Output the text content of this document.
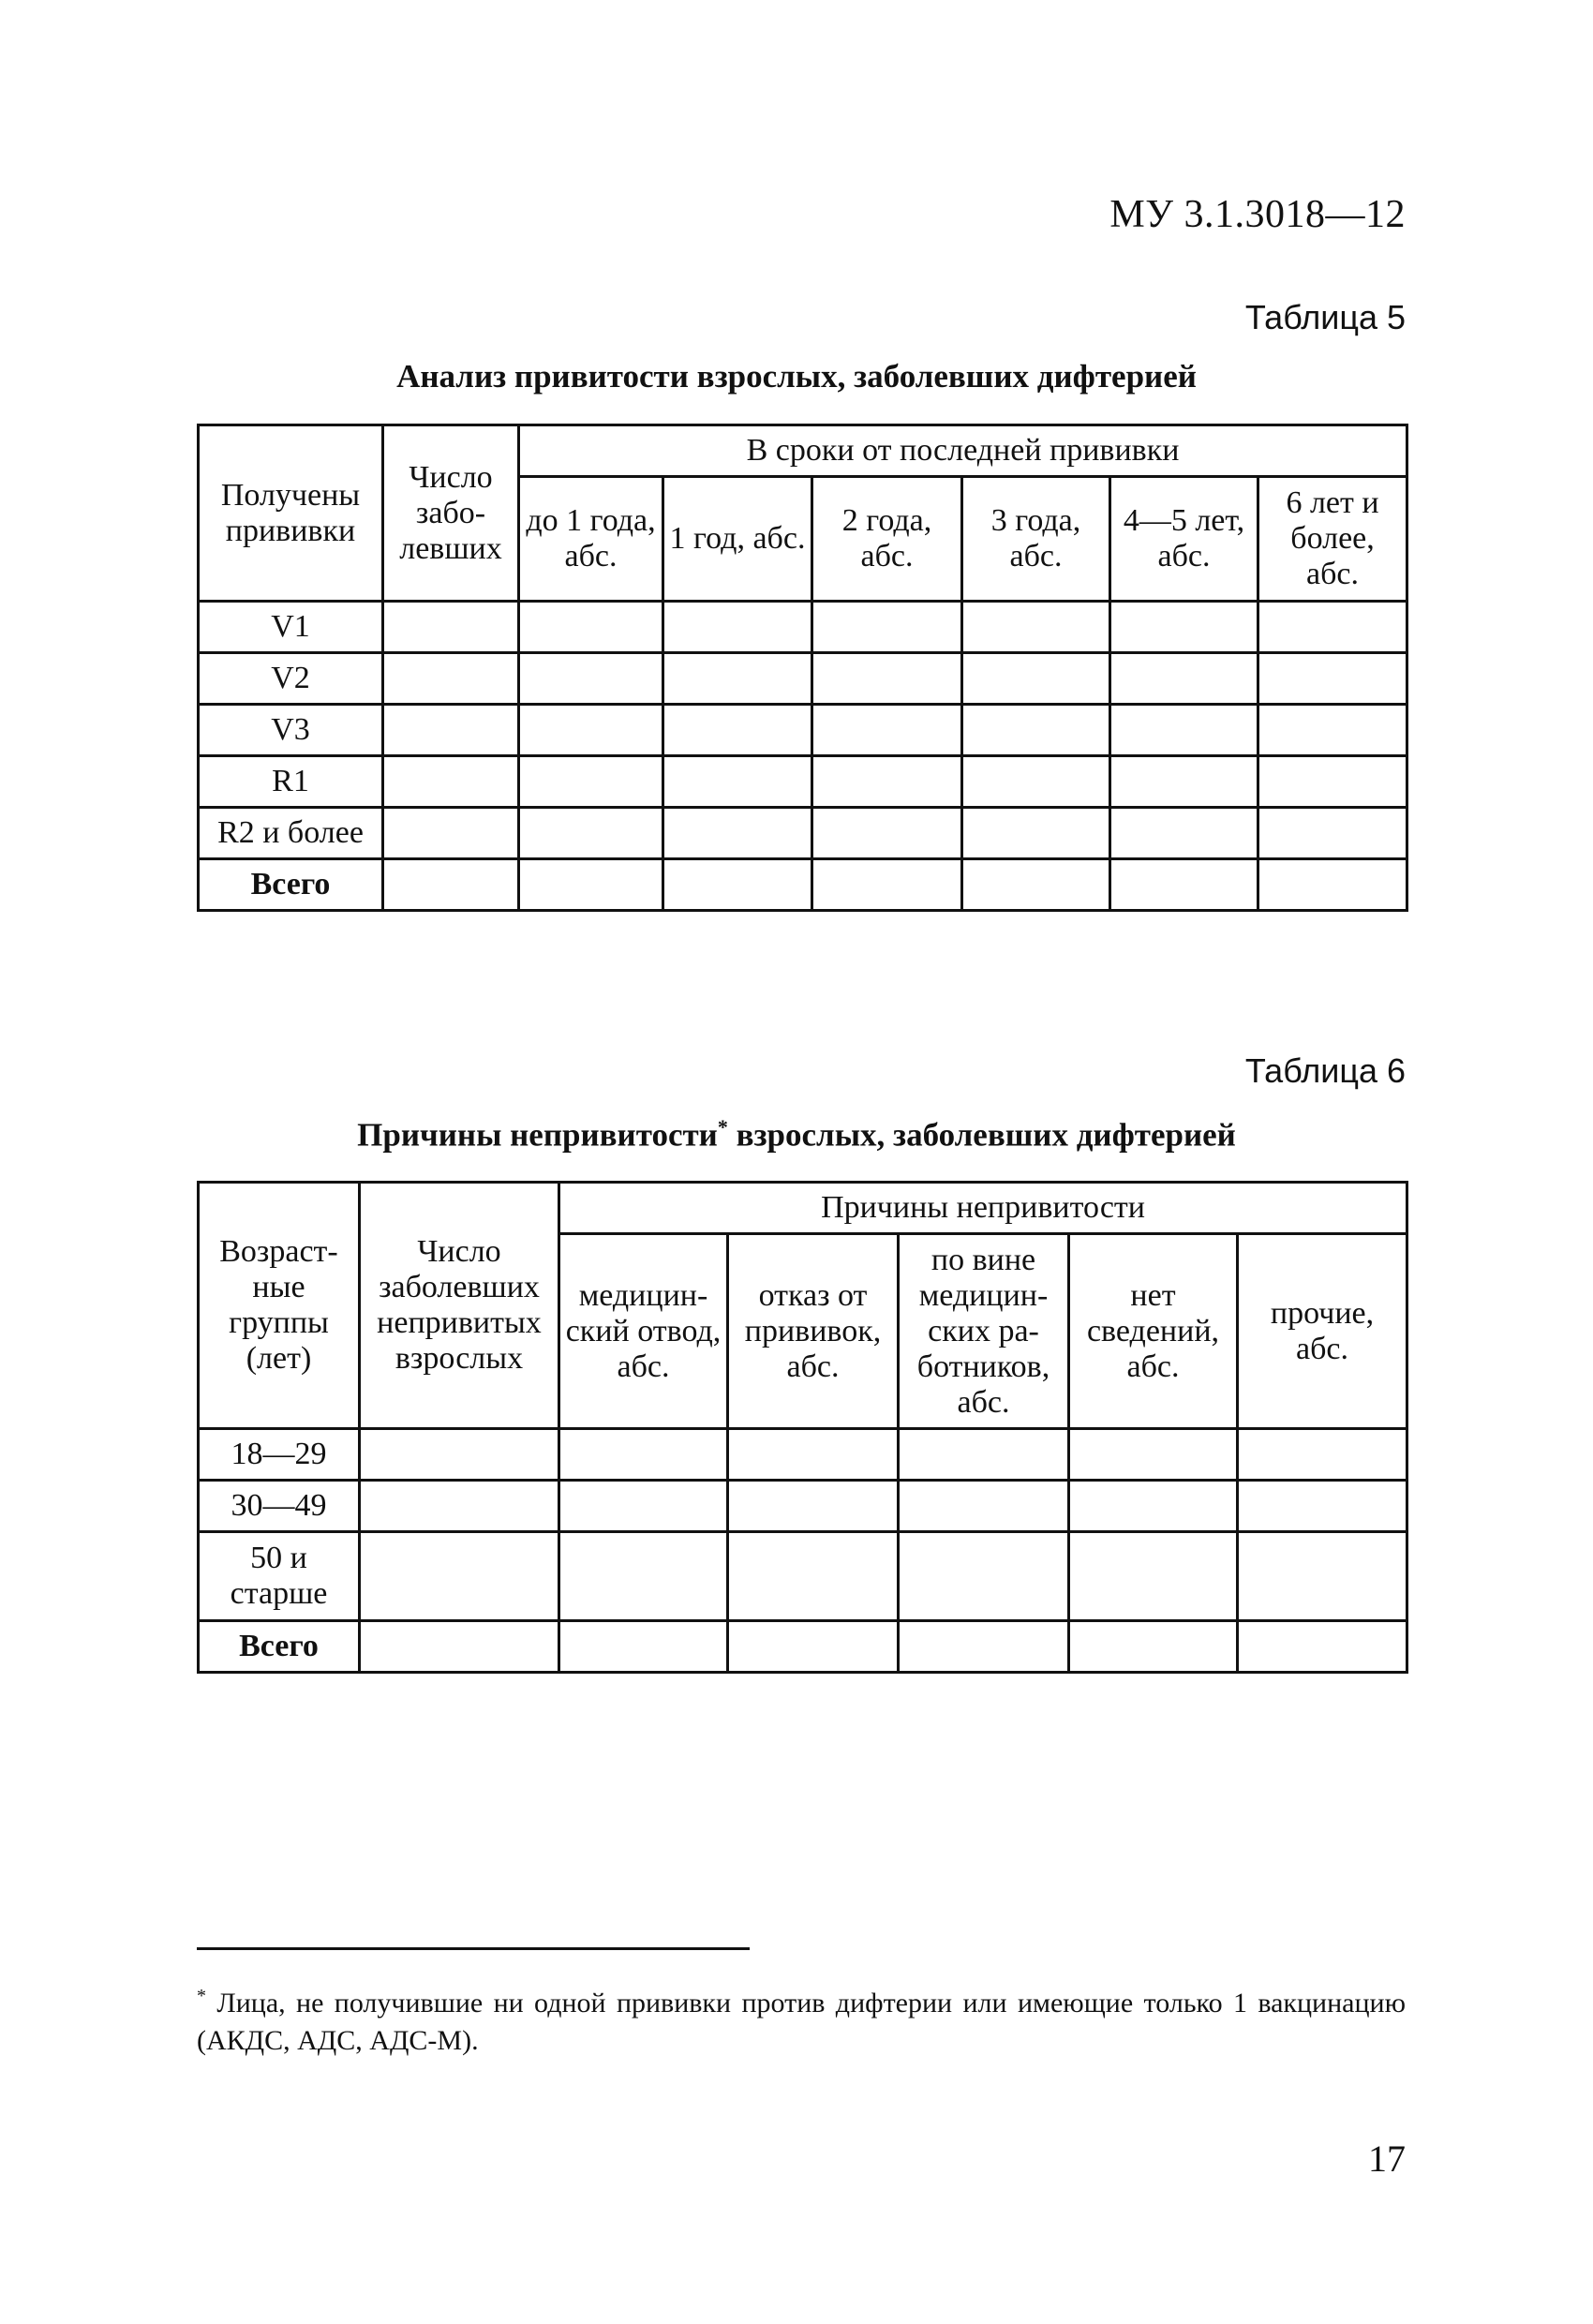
МУ 3.1.3018—12
Таблица 5
Анализ привитости взрослых, заболевших дифтерией
Получены прививки	Число забо-левших	В сроки от последней прививки					
		до 1 года, абс.	1 год, абс.	2 года, абс.	3 года, абс.	4—5 лет, абс.	6 лет и более, абс.
V1							
V2							
V3							
R1							
R2 и более							
Всего							
Таблица 6
Причины непривитости* взрослых, заболевших дифтерией
Возраст-ные группы (лет)	Число заболевших непривитых взрослых	Причины непривитости				
		медицин-ский отвод, абс.	отказ от прививок, абс.	по вине медицин-ских ра-ботников, абс.	нет сведений, абс.	прочие, абс.
18—29						
30—49						
50 и старше						
Всего						
* Лица, не получившие ни одной прививки против дифтерии или имеющие только 1 вакцинацию (АКДС, АДС, АДС-М).
17
